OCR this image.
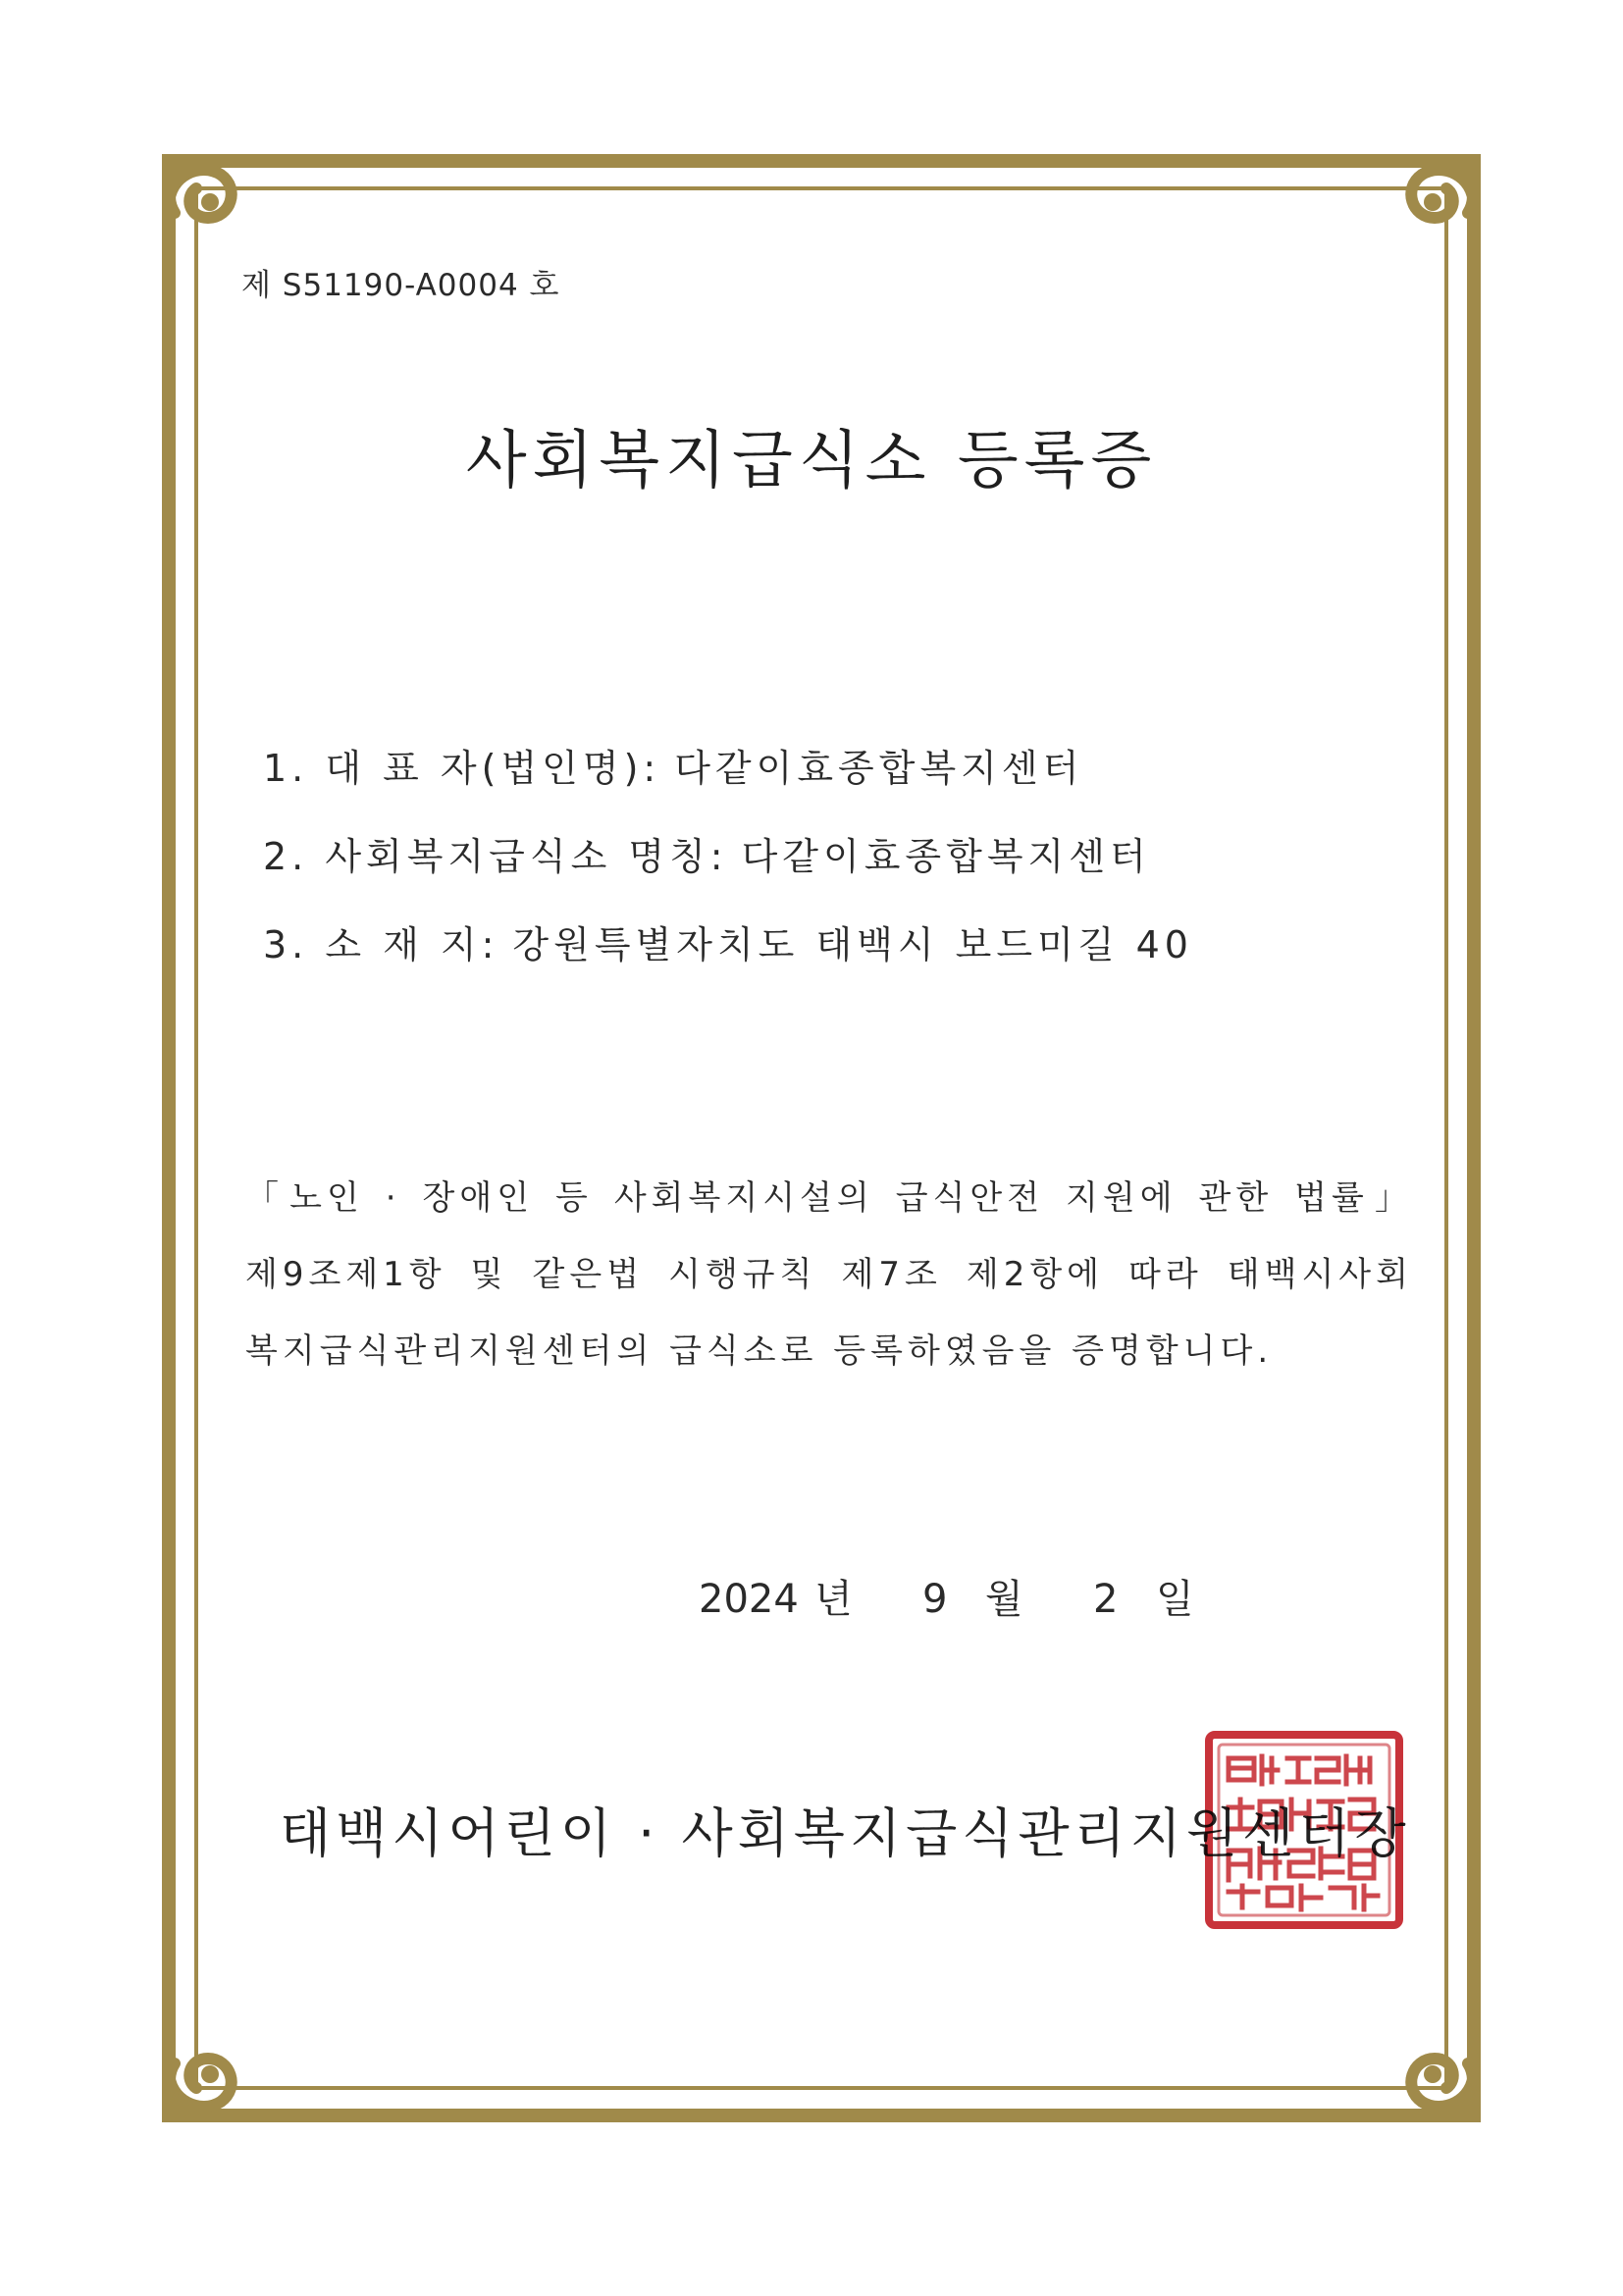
제 S51190-A0004 호
사회복지급식소 등록증
1. 대 표 자(법인명): 다같이효종합복지센터
2. 사회복지급식소 명칭: 다같이효종합복지센터
3. 소 재 지: 강원특별자치도 태백시 보드미길 40
「노인 · 장애인 등 사회복지시설의 급식안전 지원에 관한 법률」
제9조제1항 및 같은법 시행규칙 제7조 제2항에 따라 태백시사회
복지급식관리지원센터의 급식소로 등록하였음을 증명합니다.
2024 년 9 월 2 일
태백시어린이 · 사회복지급식관리지원센터장
